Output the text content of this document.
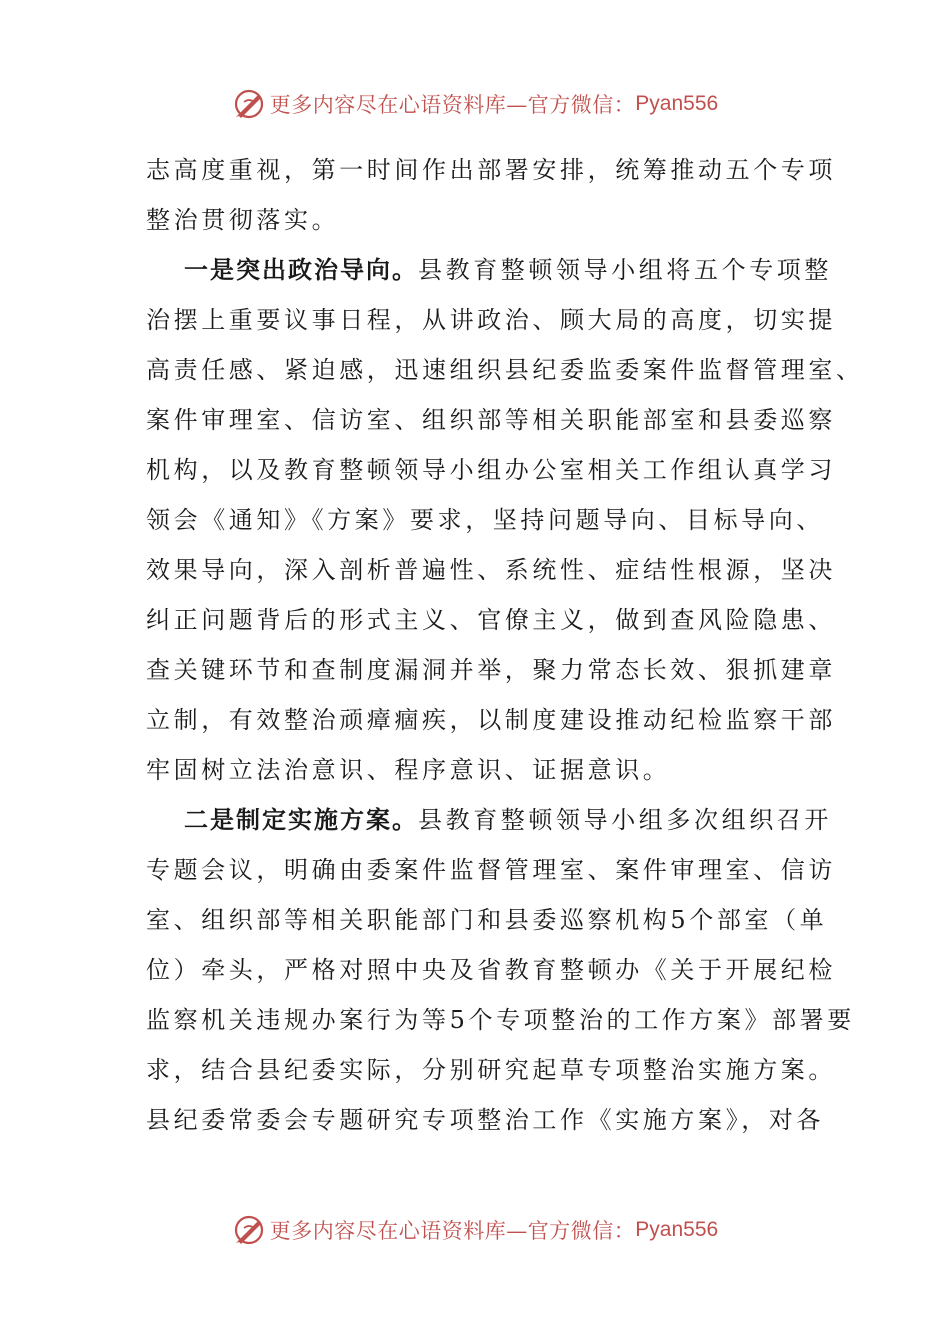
更多内容尽在心语资料库—官方微信： Pyan556
志高度重视，第一时间作出部署安排，统筹推动五个专项
整治贯彻落实。
一是突出政治导向。县教育整顿领导小组将五个专项整
治摆上重要议事日程，从讲政治、顾大局的高度，切实提
高责任感、紧迫感，迅速组织县纪委监委案件监督管理室、
案件审理室、信访室、组织部等相关职能部室和县委巡察
机构，以及教育整顿领导小组办公室相关工作组认真学习
领会《通知》《方案》要求，坚持问题导向、目标导向、
效果导向，深入剖析普遍性、系统性、症结性根源，坚决
纠正问题背后的形式主义、官僚主义，做到查风险隐患、
查关键环节和查制度漏洞并举，聚力常态长效、狠抓建章
立制，有效整治顽瘴痼疾，以制度建设推动纪检监察干部
牢固树立法治意识、程序意识、证据意识。
二是制定实施方案。县教育整顿领导小组多次组织召开
专题会议，明确由委案件监督管理室、案件审理室、信访
室、组织部等相关职能部门和县委巡察机构5个部室（单
位）牵头，严格对照中央及省教育整顿办《关于开展纪检
监察机关违规办案行为等5个专项整治的工作方案》部署要
求，结合县纪委实际，分别研究起草专项整治实施方案。
县纪委常委会专题研究专项整治工作《实施方案》，对各
更多内容尽在心语资料库—官方微信： Pyan556
